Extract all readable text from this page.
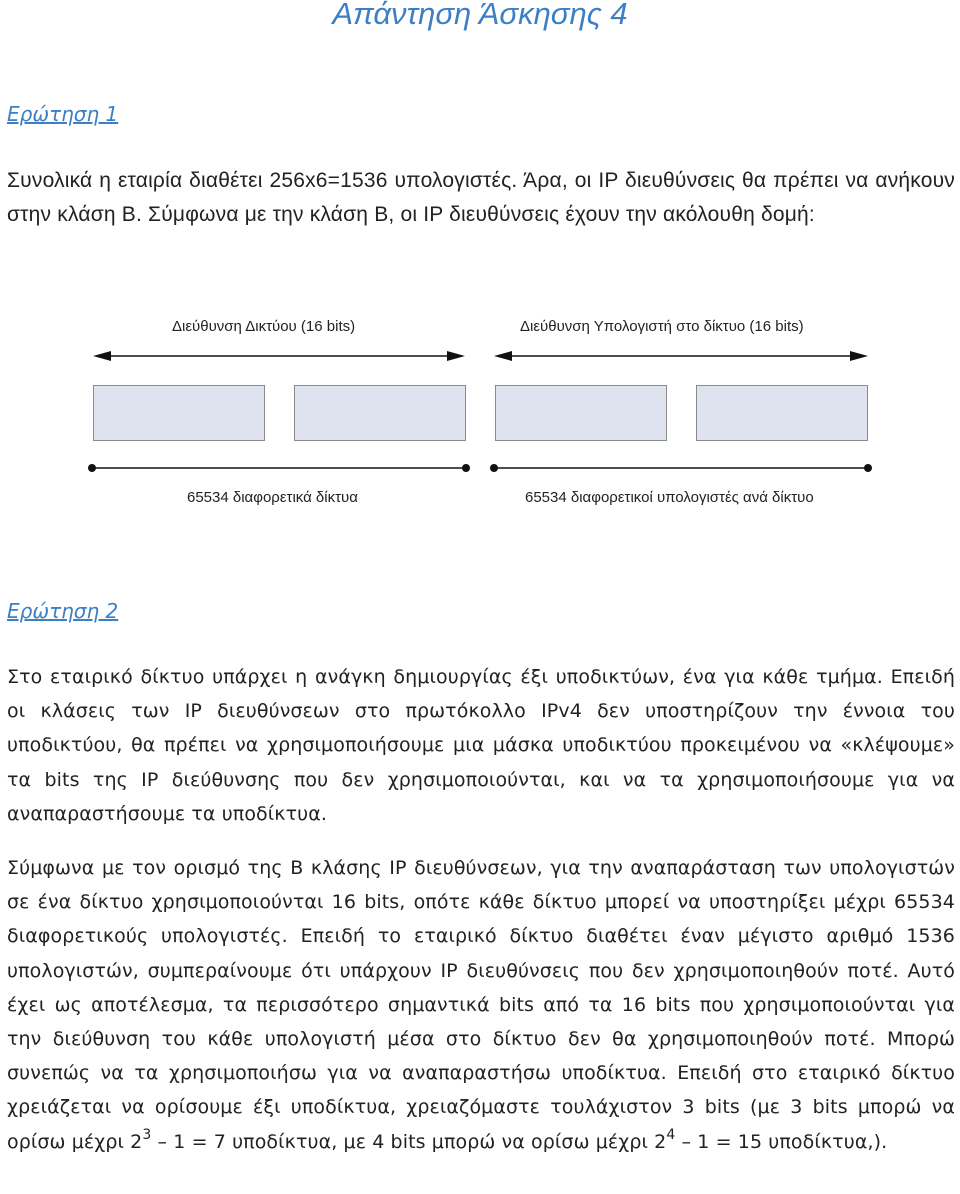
Απάντηση Άσκησης 4
Ερώτηση 1

Συνολικά η εταιρία διαθέτει 256x6=1536 υπολογιστές. Άρα, οι IP διευθύνσεις θα πρέπει να ανήκουν στην κλάση Β. Σύμφωνα με την κλάση Β, οι IP διευθύνσεις έχουν την ακόλουθη δομή:

Διεύθυνση Δικτύου (16 bits)	Διεύθυνση Υπολογιστή στο δίκτυο (16 bits)
65534 διαφορετικά δίκτυα	65534 διαφορετικοί υπολογιστές ανά δίκτυο
Ερώτηση 2

Στο εταιρικό δίκτυο υπάρχει η ανάγκη δημιουργίας έξι υποδικτύων, ένα για κάθε τμήμα. Επειδή οι κλάσεις των IP διευθύνσεων στο πρωτόκολλο IPv4 δεν υποστηρίζουν την έννοια του υποδικτύου, θα πρέπει να χρησιμοποιήσουμε μια μάσκα υποδικτύου προκειμένου να «κλέψουμε» τα bits της IP διεύθυνσης που δεν χρησιμοποιούνται, και να τα χρησιμοποιήσουμε για να αναπαραστήσουμε τα υποδίκτυα.

Σύμφωνα με τον ορισμό της Β κλάσης IP διευθύνσεων, για την αναπαράσταση των υπολογιστών σε ένα δίκτυο χρησιμοποιούνται 16 bits, οπότε κάθε δίκτυο μπορεί να υποστηρίξει μέχρι 65534 διαφορετικούς υπολογιστές. Επειδή το εταιρικό δίκτυο διαθέτει έναν μέγιστο αριθμό 1536 υπολογιστών, συμπεραίνουμε ότι υπάρχουν IP διευθύνσεις που δεν χρησιμοποιηθούν ποτέ. Αυτό έχει ως αποτέλεσμα, τα περισσότερο σημαντικά bits από τα 16 bits που χρησιμοποιούνται για την διεύθυνση του κάθε υπολογιστή μέσα στο δίκτυο δεν θα χρησιμοποιηθούν ποτέ. Μπορώ συνεπώς να τα χρησιμοποιήσω για να αναπαραστήσω υποδίκτυα. Επειδή στο εταιρικό δίκτυο χρειάζεται να ορίσουμε έξι υποδίκτυα, χρειαζόμαστε τουλάχιστον 3 bits (με 3 bits μπορώ να ορίσω μέχρι $2^3 - 1 = 7$ υποδίκτυα, με 4 bits μπορώ να ορίσω μέχρι $2^4 - 1 = 15$ υποδίκτυα,).
